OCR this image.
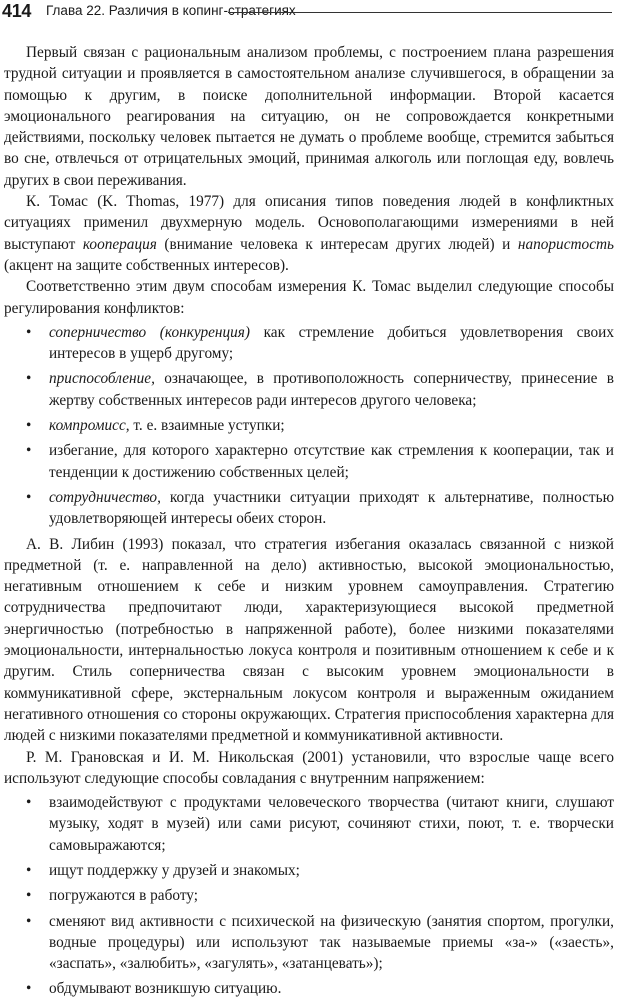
414 Глава 22. Различия в копинг-стратегиях

Первый связан с рациональным анализом проблемы, с построением плана разрешения трудной ситуации и проявляется в самостоятельном анализе случившегося, в обращении за помощью к другим, в поиске дополнительной информации. Второй касается эмоционального реагирования на ситуацию, он не сопровождается конкретными действиями, поскольку человек пытается не думать о проблеме вообще, стремится забыться во сне, отвлечься от отрицательных эмоций, принимая алкоголь или поглощая еду, вовлечь других в свои переживания.

К. Томас (K. Thomas, 1977) для описания типов поведения людей в конфликтных ситуациях применил двухмерную модель. Основополагающими измерениями в ней выступают кооперация (внимание человека к интересам других людей) и напористость (акцент на защите собственных интересов).

Соответственно этим двум способам измерения К. Томас выделил следующие способы регулирования конфликтов:

• соперничество (конкуренция) как стремление добиться удовлетворения своих интересов в ущерб другому;
• приспособление, означающее, в противоположность соперничеству, принесение в жертву собственных интересов ради интересов другого человека;
• компромисс, т. е. взаимные уступки;
• избегание, для которого характерно отсутствие как стремления к кооперации, так и тенденции к достижению собственных целей;
• сотрудничество, когда участники ситуации приходят к альтернативе, полностью удовлетворяющей интересы обеих сторон.

А. В. Либин (1993) показал, что стратегия избегания оказалась связанной с низкой предметной (т. е. направленной на дело) активностью, высокой эмоциональностью, негативным отношением к себе и низким уровнем самоуправления. Стратегию сотрудничества предпочитают люди, характеризующиеся высокой предметной энергичностью (потребностью в напряженной работе), более низкими показателями эмоциональности, интернальностью локуса контроля и позитивным отношением к себе и к другим. Стиль соперничества связан с высоким уровнем эмоциональности в коммуникативной сфере, экстернальным локусом контроля и выраженным ожиданием негативного отношения со стороны окружающих. Стратегия приспособления характерна для людей с низкими показателями предметной и коммуникативной активности.

Р. М. Грановская и И. М. Никольская (2001) установили, что взрослые чаще всего используют следующие способы совладания с внутренним напряжением:

• взаимодействуют с продуктами человеческого творчества (читают книги, слушают музыку, ходят в музей) или сами рисуют, сочиняют стихи, поют, т. е. творчески самовыражаются;
• ищут поддержку у друзей и знакомых;
• погружаются в работу;
• сменяют вид активности с психической на физическую (занятия спортом, прогулки, водные процедуры) или используют так называемые приемы «за-» («заесть», «заспать», «залюбить», «загулять», «затанцевать»);
• обдумывают возникшую ситуацию.
